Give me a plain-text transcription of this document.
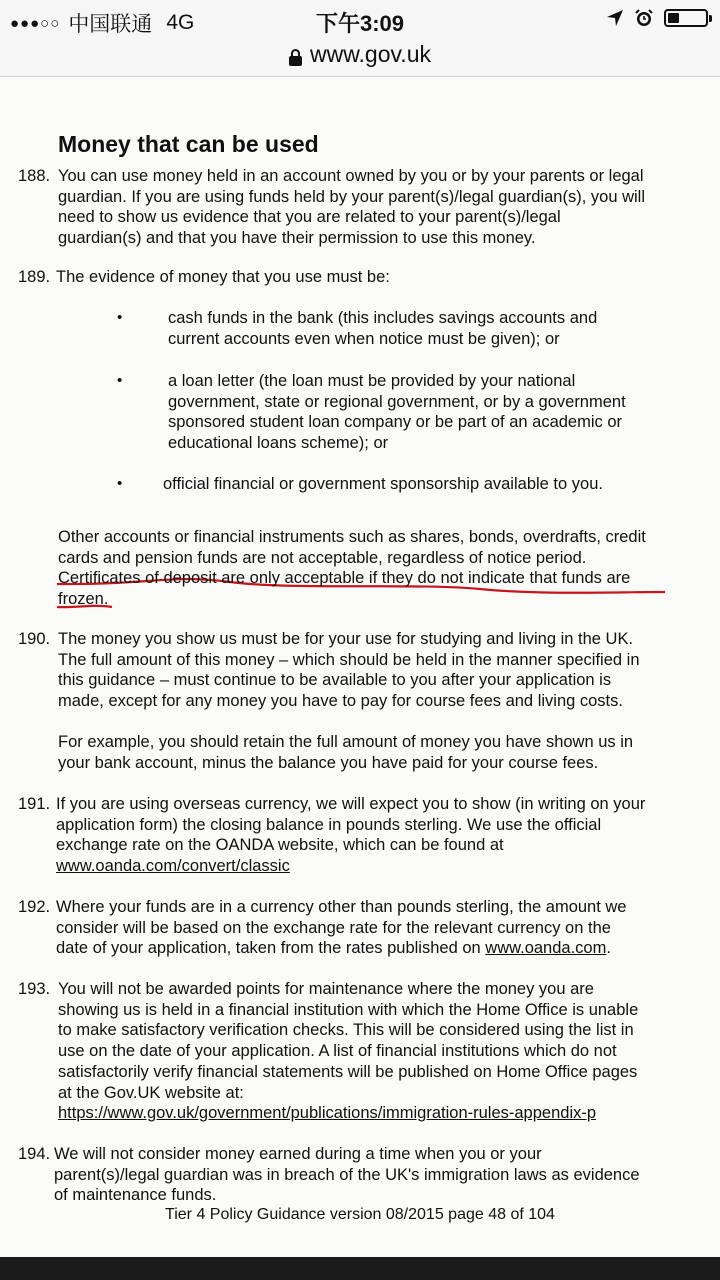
●●●○○ 中国联通 4G	下午3:09
www.gov.uk
Money that can be used
188. You can use money held in an account owned by you or by your parents or legal
guardian. If you are using funds held by your parent(s)/legal guardian(s), you will
need to show us evidence that you are related to your parent(s)/legal
guardian(s) and that you have their permission to use this money.
189. The evidence of money that you use must be:
•	cash funds in the bank (this includes savings accounts and
current accounts even when notice must be given); or
•	a loan letter (the loan must be provided by your national
government, state or regional government, or by a government
sponsored student loan company or be part of an academic or
educational loans scheme); or
• official financial or government sponsorship available to you.
Other accounts or financial instruments such as shares, bonds, overdrafts, credit
cards and pension funds are not acceptable, regardless of notice period.
Certificates of deposit are only acceptable if they do not indicate that funds are
frozen.
190. The money you show us must be for your use for studying and living in the UK.
The full amount of this money – which should be held in the manner specified in
this guidance – must continue to be available to you after your application is
made, except for any money you have to pay for course fees and living costs.
For example, you should retain the full amount of money you have shown us in
your bank account, minus the balance you have paid for your course fees.
191. If you are using overseas currency, we will expect you to show (in writing on your
application form) the closing balance in pounds sterling. We use the official
exchange rate on the OANDA website, which can be found at
www.oanda.com/convert/classic
192. Where your funds are in a currency other than pounds sterling, the amount we
consider will be based on the exchange rate for the relevant currency on the
date of your application, taken from the rates published on www.oanda.com.
193. You will not be awarded points for maintenance where the money you are
showing us is held in a financial institution with which the Home Office is unable
to make satisfactory verification checks. This will be considered using the list in
use on the date of your application. A list of financial institutions which do not
satisfactorily verify financial statements will be published on Home Office pages
at the Gov.UK website at:
https://www.gov.uk/government/publications/immigration-rules-appendix-p
194. We will not consider money earned during a time when you or your
parent(s)/legal guardian was in breach of the UK's immigration laws as evidence
of maintenance funds.
Tier 4 Policy Guidance version 08/2015 page 48 of 104
